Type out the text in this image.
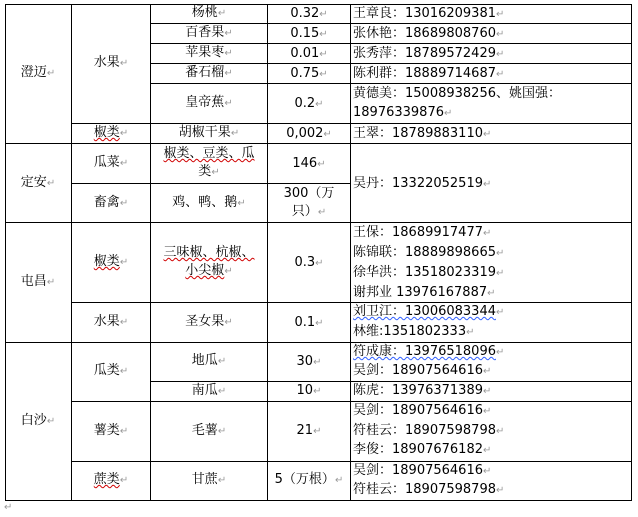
澄迈↵
定安↵
屯昌↵
白沙↵
水果↵
椒类↵
瓜菜↵
畜禽↵
椒类↵
水果↵
瓜类↵
薯类↵
蔗类↵
杨桃↵
百香果↵
苹果枣↵
番石榴↵
皇帝蕉↵
胡椒干果↵
椒类、豆类、瓜
类↵
鸡、鸭、鹅↵
三味椒、杭椒、
小尖椒↵
圣女果↵
地瓜↵
南瓜↵
毛薯↵
甘蔗↵
0.32↵
0.15↵
0.01↵
0.75↵
0.2↵
0,002↵
146↵
300（万
只）↵
0.3↵
0.1↵
30↵
10↵
21↵
5（万根）↵
王章良：13016209381↵
张休艳：18689808760↵
张秀萍：18789572429↵
陈利群：18889714687↵
黄德美：15008938256、姚国强：
18976339876↵
王翠：18789883110↵
吴丹：13322052519↵
王保：18689917477↵
陈锦联：18889898665↵
徐华洪：13518023319↵
谢邦业 13976167887↵
刘卫江：13006083344↵
林维:1351802333↵
符成康：13976518096↵
吴剑：18907564616↵
陈虎：13976371389↵
吴剑：18907564616↵
符桂云：18907598798↵
李俊：18907676182↵
吴剑：18907564616↵
符桂云：18907598798↵
↵
